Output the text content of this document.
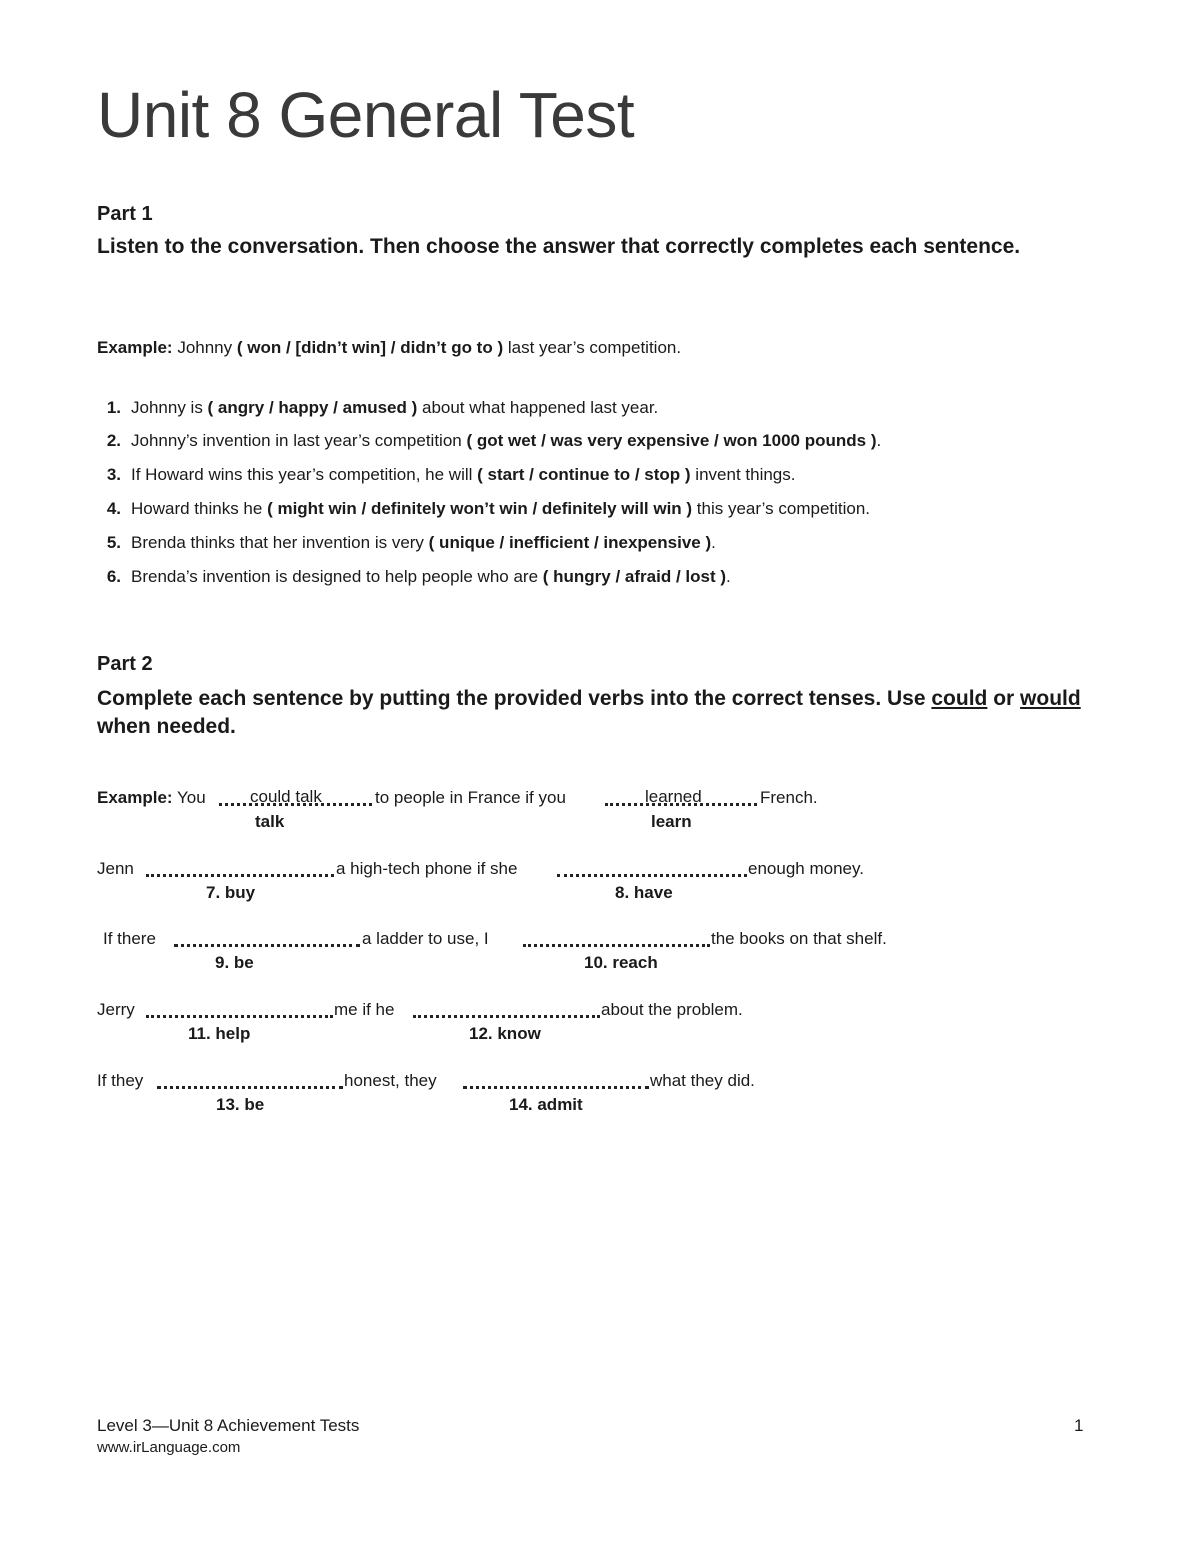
Unit 8 General Test
Part 1
Listen to the conversation. Then choose the answer that correctly completes each sentence.
Example: Johnny ( won / [didn’t win] / didn’t go to ) last year’s competition.
1. Johnny is ( angry / happy / amused ) about what happened last year.
2. Johnny’s invention in last year’s competition ( got wet / was very expensive / won 1000 pounds ).
3. If Howard wins this year’s competition, he will ( start / continue to / stop ) invent things.
4. Howard thinks he ( might win / definitely won’t win / definitely will win ) this year’s competition.
5. Brenda thinks that her invention is very ( unique / inefficient / inexpensive ).
6. Brenda’s invention is designed to help people who are ( hungry / afraid / lost ).
Part 2
Complete each sentence by putting the provided verbs into the correct tenses. Use could or would when needed.
Example: You	could talk	to people in France if you	learned	French.
talk	learn
Jenn	a high-tech phone if she	enough money.
7. buy	8. have
If there	a ladder to use, I	the books on that shelf.
9. be	10. reach
Jerry	me if he	about the problem.
11. help	12. know
If they	honest, they	what they did.
13. be	14. admit
Level 3—Unit 8 Achievement Tests
www.irLanguage.com
1
